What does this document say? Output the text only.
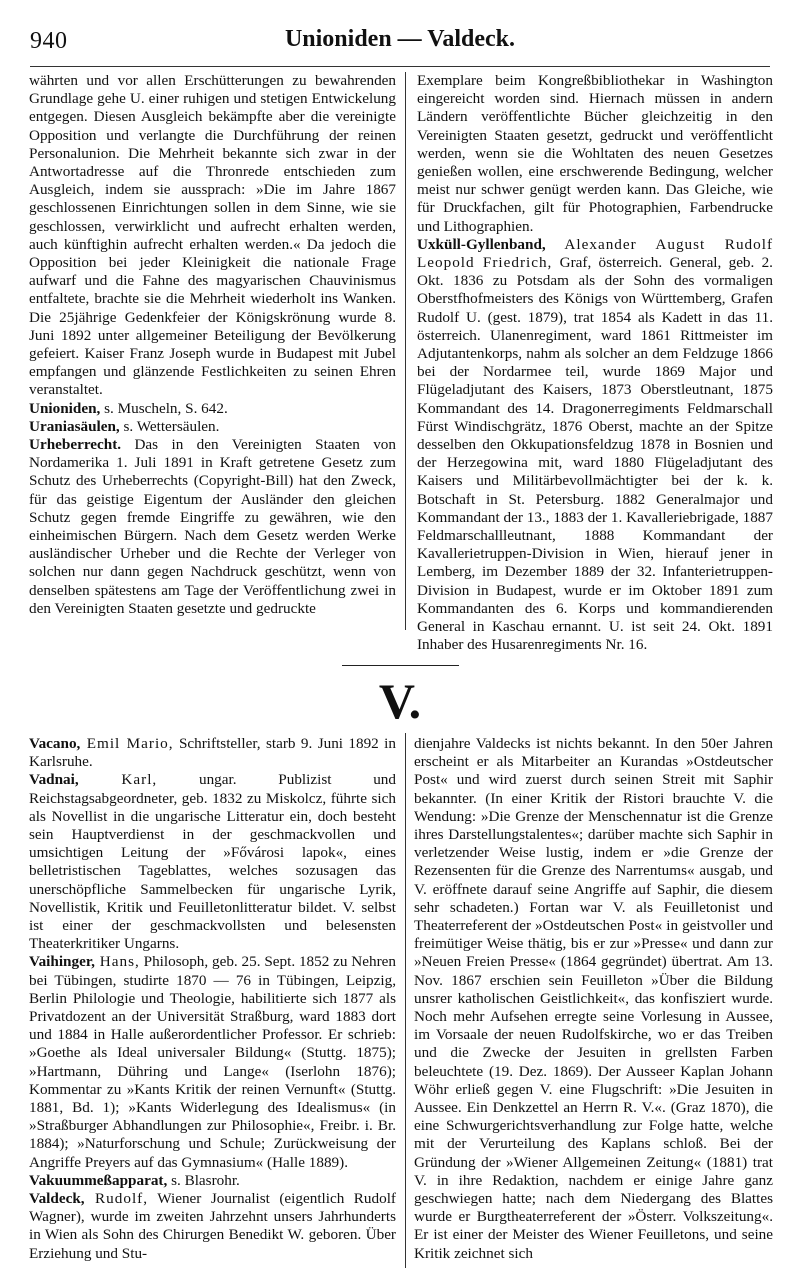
940	Unioniden — Valdeck.

währten und vor allen Erschütterungen zu bewahrenden Grundlage gehe U. einer ruhigen und stetigen Entwickelung entgegen. Diesen Ausgleich bekämpfte aber die vereinigte Opposition und verlangte die Durchführung der reinen Personalunion. Die Mehrheit bekannte sich zwar in der Antwortadresse auf die Thronrede entschieden zum Ausgleich, indem sie aussprach: »Die im Jahre 1867 geschlossenen Einrichtungen sollen in dem Sinne, wie sie geschlossen, verwirklicht und aufrecht erhalten werden, auch künftighin aufrecht erhalten werden.« Da jedoch die Opposition bei jeder Kleinigkeit die nationale Frage aufwarf und die Fahne des magyarischen Chauvinismus entfaltete, brachte sie die Mehrheit wiederholt ins Wanken. Die 25jährige Gedenkfeier der Königskrönung wurde 8. Juni 1892 unter allgemeiner Beteiligung der Bevölkerung gefeiert. Kaiser Franz Joseph wurde in Budapest mit Jubel empfangen und glänzende Festlichkeiten zu seinen Ehren veranstaltet.

Unioniden, s. Muscheln, S. 642.

Uraniasäulen, s. Wettersäulen.

Urheberrecht. Das in den Vereinigten Staaten von Nordamerika 1. Juli 1891 in Kraft getretene Gesetz zum Schutz des Urheberrechts (Copyright-Bill) hat den Zweck, für das geistige Eigentum der Ausländer den gleichen Schutz gegen fremde Eingriffe zu gewähren, wie den einheimischen Bürgern. Nach dem Gesetz werden Werke ausländischer Urheber und die Rechte der Verleger von solchen nur dann gegen Nachdruck geschützt, wenn von denselben spätestens am Tage der Veröffentlichung zwei in den Vereinigten Staaten gesetzte und gedruckte

Exemplare beim Kongreßbibliothekar in Washington eingereicht worden sind. Hiernach müssen in andern Ländern veröffentlichte Bücher gleichzeitig in den Vereinigten Staaten gesetzt, gedruckt und veröffentlicht werden, wenn sie die Wohltaten des neuen Gesetzes genießen wollen, eine erschwerende Bedingung, welcher meist nur schwer genügt werden kann. Das Gleiche, wie für Druckfachen, gilt für Photographien, Farbendrucke und Lithographien.

Uxküll-Gyllenband, Alexander August Rudolf Leopold Friedrich, Graf, österreich. General, geb. 2. Okt. 1836 zu Potsdam als der Sohn des vormaligen Oberstfhofmeisters des Königs von Württemberg, Grafen Rudolf U. (gest. 1879), trat 1854 als Kadett in das 11. österreich. Ulanenregiment, ward 1861 Rittmeister im Adjutantenkorps, nahm als solcher an dem Feldzuge 1866 bei der Nordarmee teil, wurde 1869 Major und Flügeladjutant des Kaisers, 1873 Oberstleutnant, 1875 Kommandant des 14. Dragonerregiments Feldmarschall Fürst Windischgrätz, 1876 Oberst, machte an der Spitze desselben den Okkupationsfeldzug 1878 in Bosnien und der Herzegowina mit, ward 1880 Flügeladjutant des Kaisers und Militärbevollmächtigter bei der k. k. Botschaft in St. Petersburg. 1882 Generalmajor und Kommandant der 13., 1883 der 1. Kavalleriebrigade, 1887 Feldmarschallleutnant, 1888 Kommandant der Kavallerietruppen-Division in Wien, hierauf jener in Lemberg, im Dezember 1889 der 32. Infanterietruppen-Division in Budapest, wurde er im Oktober 1891 zum Kommandanten des 6. Korps und kommandierenden General in Kaschau ernannt. U. ist seit 24. Okt. 1891 Inhaber des Husarenregiments Nr. 16.

V.

Vacano, Emil Mario, Schriftsteller, starb 9. Juni 1892 in Karlsruhe.

Vadnai, Karl, ungar. Publizist und Reichstagsabgeordneter, geb. 1832 zu Miskolcz, führte sich als Novellist in die ungarische Litteratur ein, doch besteht sein Hauptverdienst in der geschmackvollen und umsichtigen Leitung der »Fővárosi lapok«, eines belletristischen Tageblattes, welches sozusagen das unerschöpfliche Sammelbecken für ungarische Lyrik, Novellistik, Kritik und Feuilletonlitteratur bildet. V. selbst ist einer der geschmackvollsten und belesensten Theaterkritiker Ungarns.

Vaihinger, Hans, Philosoph, geb. 25. Sept. 1852 zu Nehren bei Tübingen, studirte 1870 — 76 in Tübingen, Leipzig, Berlin Philologie und Theologie, habilitierte sich 1877 als Privatdozent an der Universität Straßburg, ward 1883 dort und 1884 in Halle außerordentlicher Professor. Er schrieb: »Goethe als Ideal universaler Bildung« (Stuttg. 1875); »Hartmann, Dühring und Lange« (Iserlohn 1876); Kommentar zu »Kants Kritik der reinen Vernunft« (Stuttg. 1881, Bd. 1); »Kants Widerlegung des Idealismus« (in »Straßburger Abhandlungen zur Philosophie«, Freibr. i. Br. 1884); »Naturforschung und Schule; Zurückweisung der Angriffe Preyers auf das Gymnasium« (Halle 1889).

Vakuummeßapparat, s. Blasrohr.

Valdeck, Rudolf, Wiener Journalist (eigentlich Rudolf Wagner), wurde im zweiten Jahrzehnt unsers Jahrhunderts in Wien als Sohn des Chirurgen Benedikt W. geboren. Über Erziehung und Stu-

dienjahre Valdecks ist nichts bekannt. In den 50er Jahren erscheint er als Mitarbeiter an Kurandas »Ostdeutscher Post« und wird zuerst durch seinen Streit mit Saphir bekannter. (In einer Kritik der Ristori brauchte V. die Wendung: »Die Grenze der Menschennatur ist die Grenze ihres Darstellungstalentes«; darüber machte sich Saphir in verletzender Weise lustig, indem er »die Grenze der Rezensenten für die Grenze des Narrentums« ausgab, und V. eröffnete darauf seine Angriffe auf Saphir, die diesem sehr schadeten.) Fortan war V. als Feuilletonist und Theaterreferent der »Ostdeutschen Post« in geistvoller und freimütiger Weise thätig, bis er zur »Presse« und dann zur »Neuen Freien Presse« (1864 gegründet) übertrat. Am 13. Nov. 1867 erschien sein Feuilleton »Über die Bildung unsrer katholischen Geistlichkeit«, das konfisziert wurde. Noch mehr Aufsehen erregte seine Vorlesung in Aussee, im Vorsaale der neuen Rudolfskirche, wo er das Treiben und die Zwecke der Jesuiten in grellsten Farben beleuchtete (19. Dez. 1869). Der Ausseer Kaplan Johann Wöhr erließ gegen V. eine Flugschrift: »Die Jesuiten in Aussee. Ein Denkzettel an Herrn R. V.«. (Graz 1870), die eine Schwurgerichtsverhandlung zur Folge hatte, welche mit der Verurteilung des Kaplans schloß. Bei der Gründung der »Wiener Allgemeinen Zeitung« (1881) trat V. in ihre Redaktion, nachdem er einige Jahre ganz geschwiegen hatte; nach dem Niedergang des Blattes wurde er Burgtheaterreferent der »Österr. Volkszeitung«. Er ist einer der Meister des Wiener Feuilletons, und seine Kritik zeichnet sich
